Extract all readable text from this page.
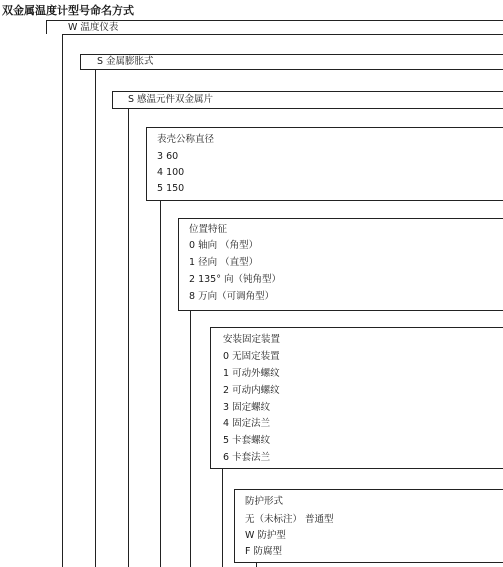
双金属温度计型号命名方式
W 温度仪表
S 金属膨胀式
S 感温元件双金属片
表壳公称直径
3 60
4 100
5 150
位置特征
0 轴向 （角型）
1 径向 （直型）
2 135° 向（钝角型）
8 万向（可调角型）
安装固定装置
0 无固定装置
1 可动外螺纹
2 可动内螺纹
3 固定螺纹
4 固定法兰
5 卡套螺纹
6 卡套法兰
防护形式
无（未标注） 普通型
W 防护型
F 防腐型
